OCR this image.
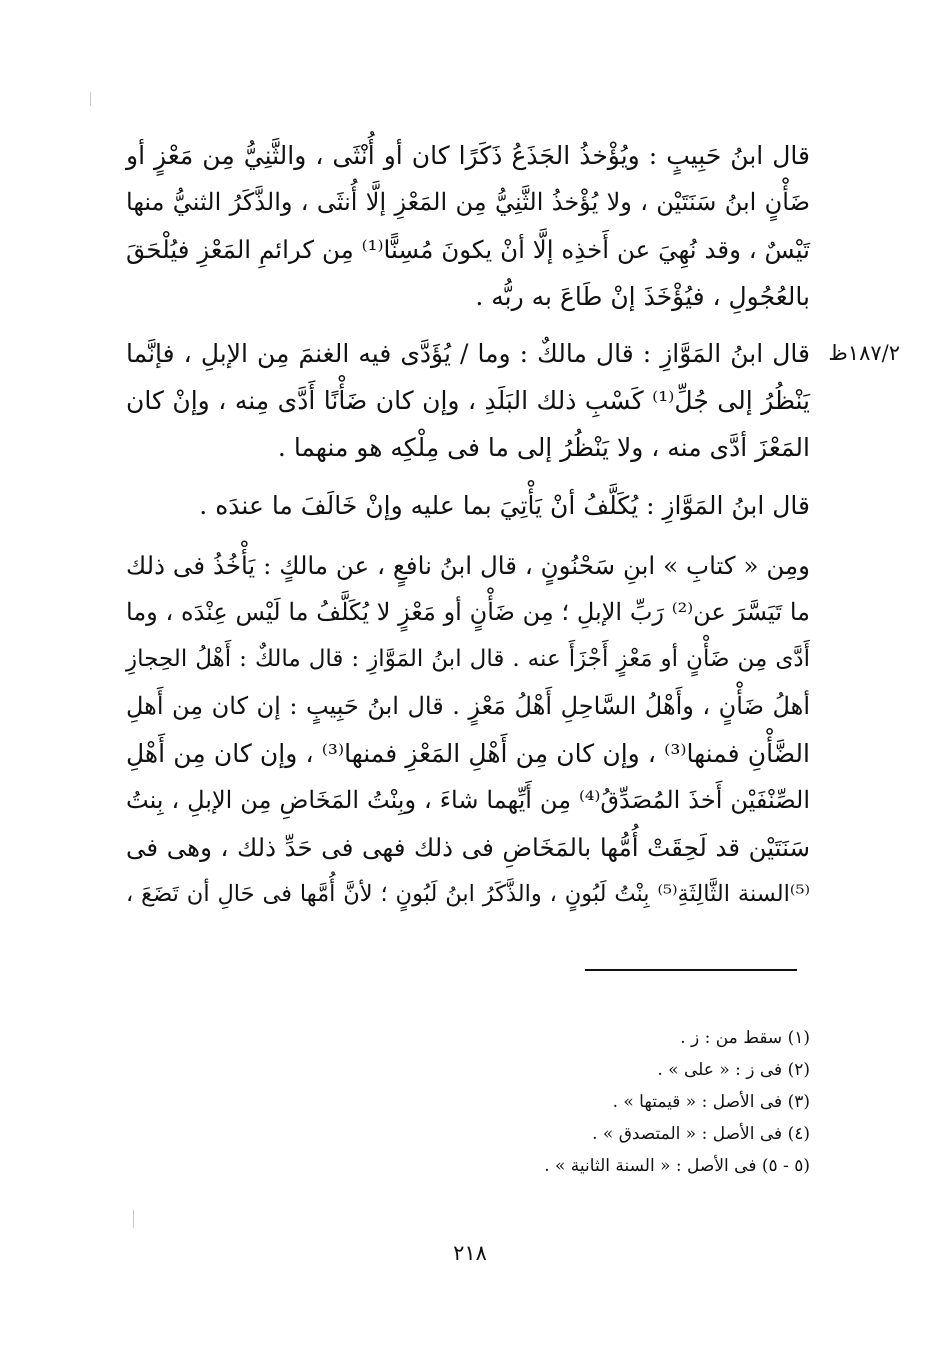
١٨٧/٢ظ
قال ابنُ حَبِيبٍ : ويُؤْخذُ الجَذَعُ ذَكَرًا كان أو أُنْثَى ، والثَّنِيُّ مِن مَعْزٍ أو
ضَأْنٍ ابنُ سَنَتَيْن ، ولا يُؤْخذُ الثَّنِيُّ مِن المَعْزِ إلَّا أُنثَى ، والذَّكَرُ الثنيُّ منها
تَيْسٌ ، وقد نُهِيَ عن أَخذِه إلَّا أنْ يكونَ مُسِنًّا⁽¹⁾ مِن كرائمِ المَعْزِ فيُلْحَقَ
بالعُجُولِ ، فيُؤْخَذَ إنْ طَاعَ به ربُّه .
قال ابنُ المَوَّازِ : قال مالكٌ : وما / يُؤَدَّى فيه الغنمَ مِن الإبلِ ، فإنَّما
يَنْظُرُ إلى جُلِّ⁽¹⁾ كَسْبِ ذلك البَلَدِ ، وإن كان ضَأْنًا أَدَّى مِنه ، وإنْ كان
المَعْزَ أدَّى منه ، ولا يَنْظُرُ إلى ما فى مِلْكِه هو منهما .
قال ابنُ المَوَّازِ : يُكَلَّفُ أنْ يَأْتِيَ بما عليه وإنْ خَالَفَ ما عندَه .
ومِن « كتابِ » ابنِ سَحْنُونٍ ، قال ابنُ نافعٍ ، عن مالكٍ : يَأْخُذُ فى ذلك
ما تَيَسَّرَ عن⁽²⁾ رَبِّ الإبلِ ؛ مِن ضَأْنٍ أو مَعْزٍ لا يُكَلَّفُ ما لَيْس عِنْدَه ، وما
أَدَّى مِن ضَأْنٍ أو مَعْزٍ أَجْزَأَ عنه . قال ابنُ المَوَّازِ : قال مالكٌ : أَهْلُ الحِجازِ
أهلُ ضَأْنٍ ، وأَهْلُ السَّاحِلِ أَهْلُ مَعْزٍ . قال ابنُ حَبِيبٍ : إن كان مِن أَهلِ
الضَّأْنِ فمنها⁽³⁾ ، وإن كان مِن أَهْلِ المَعْزِ فمنها⁽³⁾ ، وإن كان مِن أَهْلِ
الصِّنْفَيْن أَخذَ المُصَدِّقُ⁽⁴⁾ مِن أَيِّهما شاءَ ، وبِنْتُ المَخَاضِ مِن الإبلِ ، بِنتُ
سَنَتَيْن قد لَحِقَتْ أُمُّها بالمَخَاضِ فى ذلك فهى فى حَدِّ ذلك ، وهى فى
⁽⁵⁾السنة الثَّالِثَةِ⁽⁵⁾ بِنْتُ لَبُونٍ ، والذَّكَرُ ابنُ لَبُونٍ ؛ لأنَّ أُمَّها فى حَالِ أن تَضَعَ ،
(١) سقط من : ز .
(٢) فى ز : « على » .
(٣) فى الأصل : « قيمتها » .
(٤) فى الأصل : « المتصدق » .
(٥ - ٥) فى الأصل : « السنة الثانية » .
٢١٨
